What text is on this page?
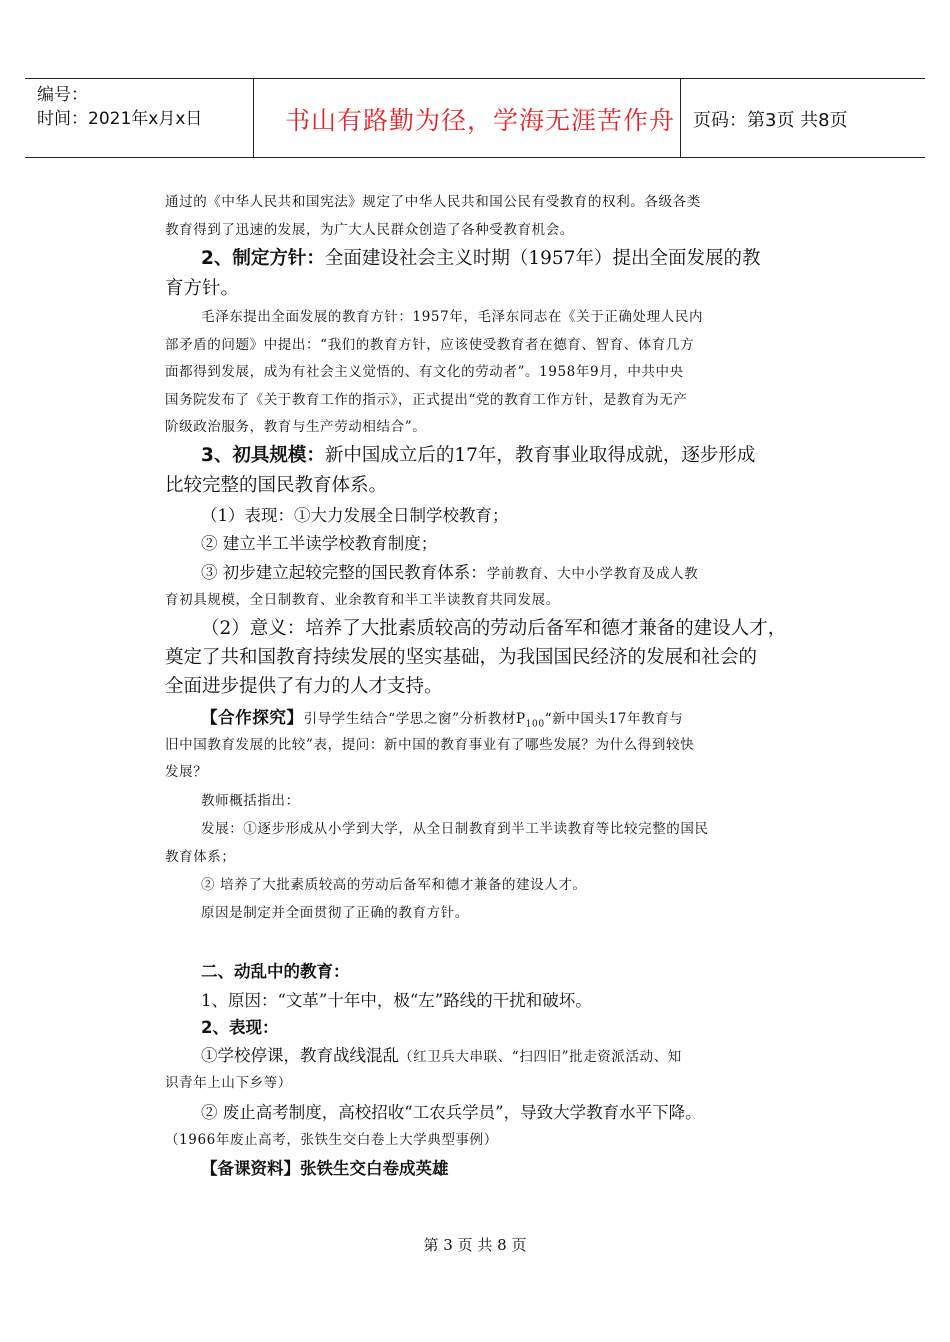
编号：
时间：2021年x月x日	书山有路勤为径，学海无涯苦作舟	页码：第3页 共8页
通过的《中华人民共和国宪法》规定了中华人民共和国公民有受教育的权利。各级各类
教育得到了迅速的发展，为广大人民群众创造了各种受教育机会。
2、制定方针：全面建设社会主义时期（1957年）提出全面发展的教
育方针。
毛泽东提出全面发展的教育方针：1957年，毛泽东同志在《关于正确处理人民内
部矛盾的问题》中提出：“我们的教育方针，应该使受教育者在德育、智育、体育几方
面都得到发展，成为有社会主义觉悟的、有文化的劳动者”。1958年9月，中共中央
国务院发布了《关于教育工作的指示》，正式提出“党的教育工作方针，是教育为无产
阶级政治服务，教育与生产劳动相结合”。
3、初具规模：新中国成立后的17年，教育事业取得成就，逐步形成
比较完整的国民教育体系。
（1）表现：①大力发展全日制学校教育；
② 建立半工半读学校教育制度；
③ 初步建立起较完整的国民教育体系：学前教育、大中小学教育及成人教
育初具规模，全日制教育、业余教育和半工半读教育共同发展。
（2）意义：培养了大批素质较高的劳动后备军和德才兼备的建设人才，
奠定了共和国教育持续发展的坚实基础，为我国国民经济的发展和社会的
全面进步提供了有力的人才支持。
【合作探究】引导学生结合“学思之窗”分析教材$P_{100}“$新中国头17年教育与
旧中国教育发展的比较”表，提问：新中国的教育事业有了哪些发展？为什么得到较快
发展？
教师概括指出：
发展：①逐步形成从小学到大学，从全日制教育到半工半读教育等比较完整的国民
教育体系；
② 培养了大批素质较高的劳动后备军和德才兼备的建设人才。
原因是制定并全面贯彻了正确的教育方针。
二、动乱中的教育：
1、原因：“文革”十年中，极“左”路线的干扰和破坏。
2、表现：
①学校停课，教育战线混乱（红卫兵大串联、“扫四旧”批走资派活动、知
识青年上山下乡等）
② 废止高考制度，高校招收“工农兵学员”，导致大学教育水平下降。
（1966年废止高考，张铁生交白卷上大学典型事例）
【备课资料】张铁生交白卷成英雄
第 3 页 共 8 页
